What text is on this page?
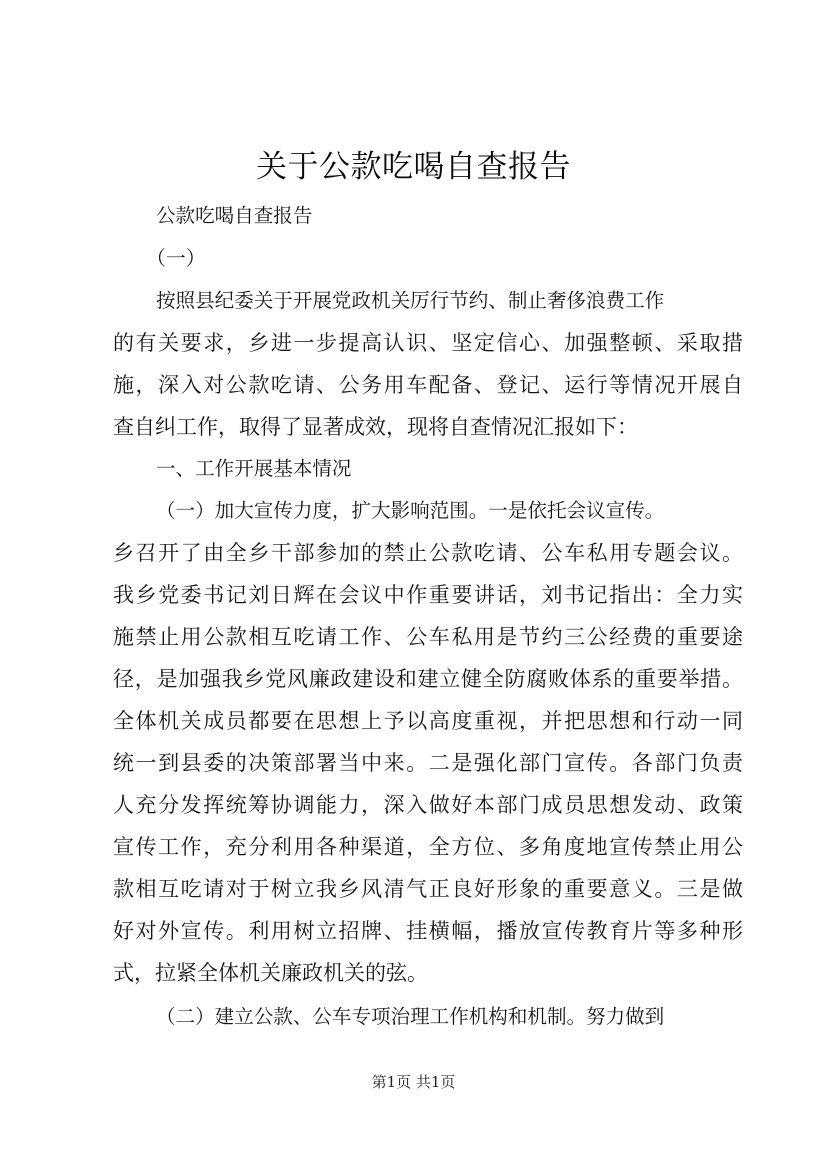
关于公款吃喝自查报告
公款吃喝自查报告
（一）
按照县纪委关于开展党政机关厉行节约、制止奢侈浪费工作
的有关要求，乡进一步提高认识、坚定信心、加强整顿、采取措
施，深入对公款吃请、公务用车配备、登记、运行等情况开展自
查自纠工作，取得了显著成效，现将自查情况汇报如下：
一、工作开展基本情况
（一）加大宣传力度，扩大影响范围。一是依托会议宣传。
乡召开了由全乡干部参加的禁止公款吃请、公车私用专题会议。
我乡党委书记刘日辉在会议中作重要讲话，刘书记指出：全力实
施禁止用公款相互吃请工作、公车私用是节约三公经费的重要途
径，是加强我乡党风廉政建设和建立健全防腐败体系的重要举措。
全体机关成员都要在思想上予以高度重视，并把思想和行动一同
统一到县委的决策部署当中来。二是强化部门宣传。各部门负责
人充分发挥统筹协调能力，深入做好本部门成员思想发动、政策
宣传工作，充分利用各种渠道，全方位、多角度地宣传禁止用公
款相互吃请对于树立我乡风清气正良好形象的重要意义。三是做
好对外宣传。利用树立招牌、挂横幅，播放宣传教育片等多种形
式，拉紧全体机关廉政机关的弦。
（二）建立公款、公车专项治理工作机构和机制。努力做到
第1页 共1页
